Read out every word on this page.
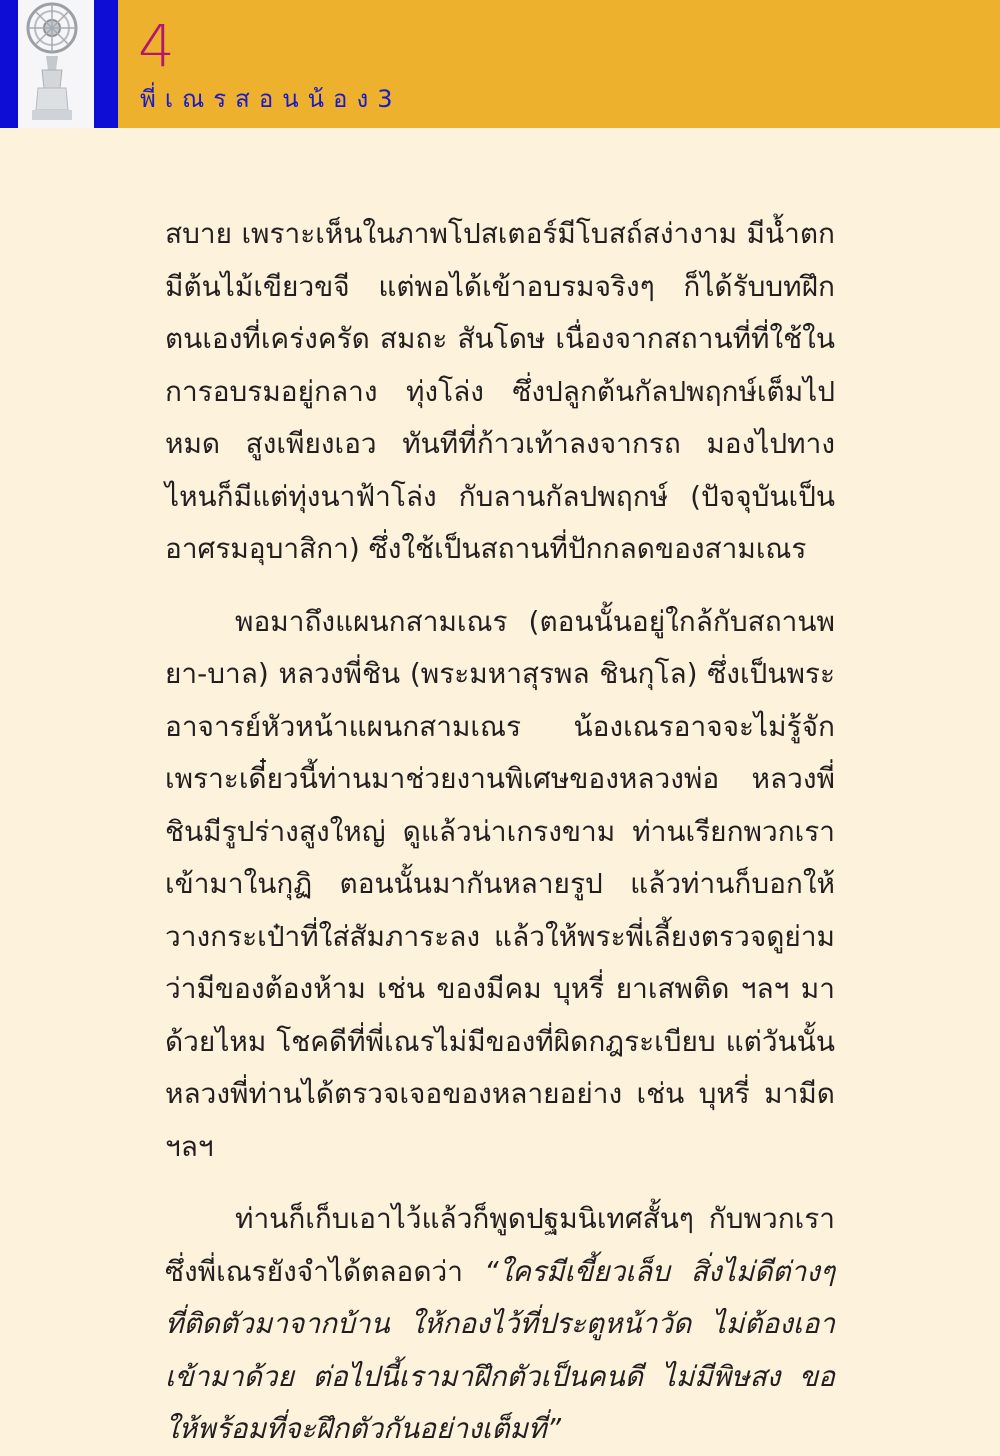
4
พี่เณรสอนน้อง3

สบาย เพราะเห็นในภาพโปสเตอร์มีโบสถ์สง่างาม มีน้ำตก มีต้นไม้เขียวขจี แต่พอได้เข้าอบรมจริงๆ ก็ได้รับบทฝึกตนเองที่เคร่งครัด สมถะ สันโดษ เนื่องจากสถานที่ที่ใช้ในการอบรมอยู่กลาง ทุ่งโล่ง ซึ่งปลูกต้นกัลปพฤกษ์เต็มไปหมด สูงเพียงเอว ทันทีที่ก้าวเท้าลงจากรถ มองไปทางไหนก็มีแต่ทุ่งนาฟ้าโล่ง กับลานกัลปพฤกษ์ (ปัจจุบันเป็นอาศรมอุบาสิกา) ซึ่งใช้เป็นสถานที่ปักกลดของสามเณร

พอมาถึงแผนกสามเณร (ตอนนั้นอยู่ใกล้กับสถานพยา-บาล) หลวงพี่ชิน (พระมหาสุรพล ชินกุโล) ซึ่งเป็นพระอาจารย์หัวหน้าแผนกสามเณร น้องเณรอาจจะไม่รู้จัก เพราะเดี๋ยวนี้ท่านมาช่วยงานพิเศษของหลวงพ่อ หลวงพี่ชินมีรูปร่างสูงใหญ่ ดูแล้วน่าเกรงขาม ท่านเรียกพวกเราเข้ามาในกุฏิ ตอนนั้นมากันหลายรูป แล้วท่านก็บอกให้วางกระเป๋าที่ใส่สัมภาระลง แล้วให้พระพี่เลี้ยงตรวจดูย่ามว่ามีของต้องห้าม เช่น ของมีคม บุหรี่ ยาเสพติด ฯลฯ มาด้วยไหม โชคดีที่พี่เณรไม่มีของที่ผิดกฎระเบียบ แต่วันนั้นหลวงพี่ท่านได้ตรวจเจอของหลายอย่าง เช่น บุหรี่ มามีด ฯลฯ

ท่านก็เก็บเอาไว้แล้วก็พูดปฐมนิเทศสั้นๆ กับพวกเรา ซึ่งพี่เณรยังจำได้ตลอดว่า “ใครมีเขี้ยวเล็บ สิ่งไม่ดีต่างๆ ที่ติดตัวมาจากบ้าน ให้กองไว้ที่ประตูหน้าวัด ไม่ต้องเอาเข้ามาด้วย ต่อไปนี้เรามาฝึกตัวเป็นคนดี ไม่มีพิษสง ขอให้พร้อมที่จะฝึกตัวกันอย่างเต็มที่”
